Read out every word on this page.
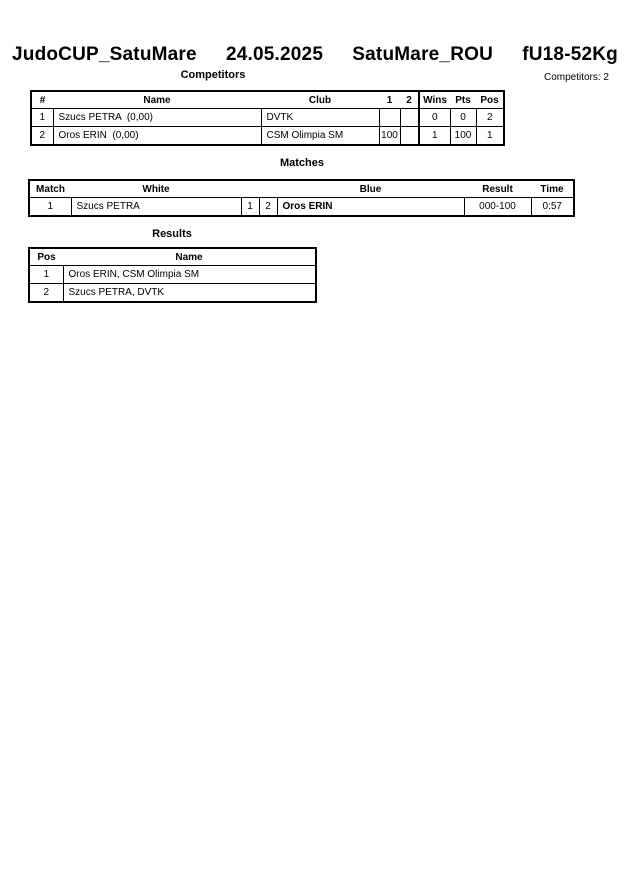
JudoCUP_SatuMare 24.05.2025 SatuMare_ROU fU18-52Kg
Competitors	Competitors: 2
#	Name	Club	1	2	Wins	Pts	Pos
1	Szucs PETRA  (0,00)	DVTK			0	0	2
2	Oros ERIN  (0,00)	CSM Olimpia SM	100		1	100	1
Matches
Match	White			Blue	Result	Time
1	Szucs PETRA	1	2	Oros ERIN	000-100	0:57
Results
Pos	Name
1	Oros ERIN, CSM Olimpia SM
2	Szucs PETRA, DVTK
